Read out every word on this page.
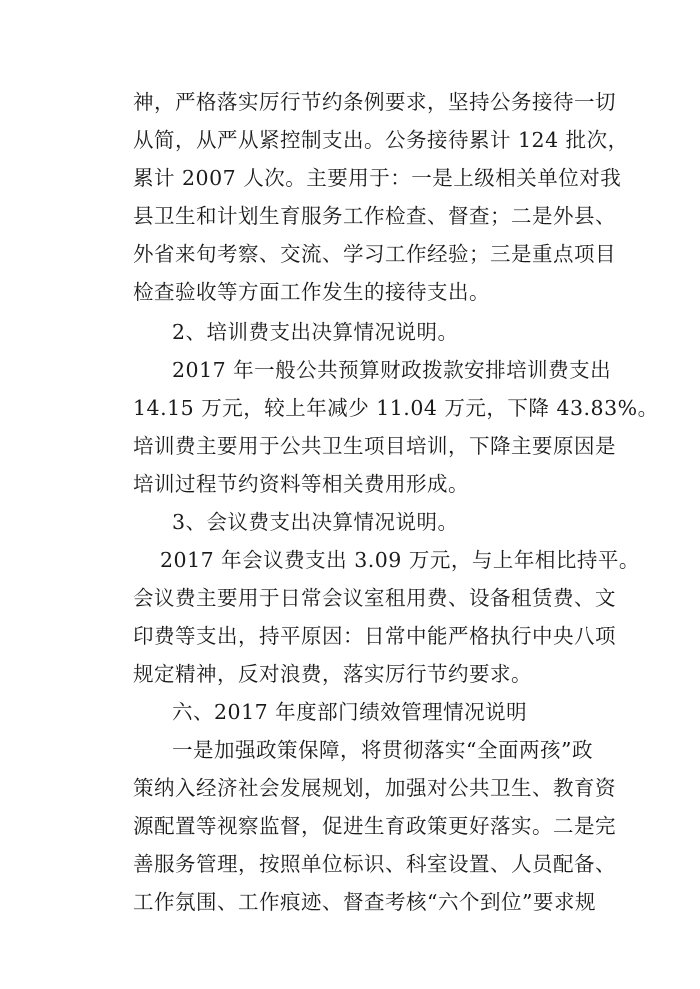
神，严格落实厉行节约条例要求，坚持公务接待一切
从简，从严从紧控制支出。公务接待累计 124 批次，
累计 2007 人次。主要用于：一是上级相关单位对我
县卫生和计划生育服务工作检查、督查；二是外县、
外省来旬考察、交流、学习工作经验；三是重点项目
检查验收等方面工作发生的接待支出。
2、培训费支出决算情况说明。
2017 年一般公共预算财政拨款安排培训费支出
14.15 万元，较上年减少 11.04 万元，下降 43.83%。
培训费主要用于公共卫生项目培训，下降主要原因是
培训过程节约资料等相关费用形成。
3、会议费支出决算情况说明。
2017 年会议费支出 3.09 万元，与上年相比持平。
会议费主要用于日常会议室租用费、设备租赁费、文
印费等支出，持平原因：日常中能严格执行中央八项
规定精神，反对浪费，落实厉行节约要求。
六、2017 年度部门绩效管理情况说明
一是加强政策保障，将贯彻落实“全面两孩”政
策纳入经济社会发展规划，加强对公共卫生、教育资
源配置等视察监督，促进生育政策更好落实。二是完
善服务管理，按照单位标识、科室设置、人员配备、
工作氛围、工作痕迹、督查考核“六个到位”要求规
